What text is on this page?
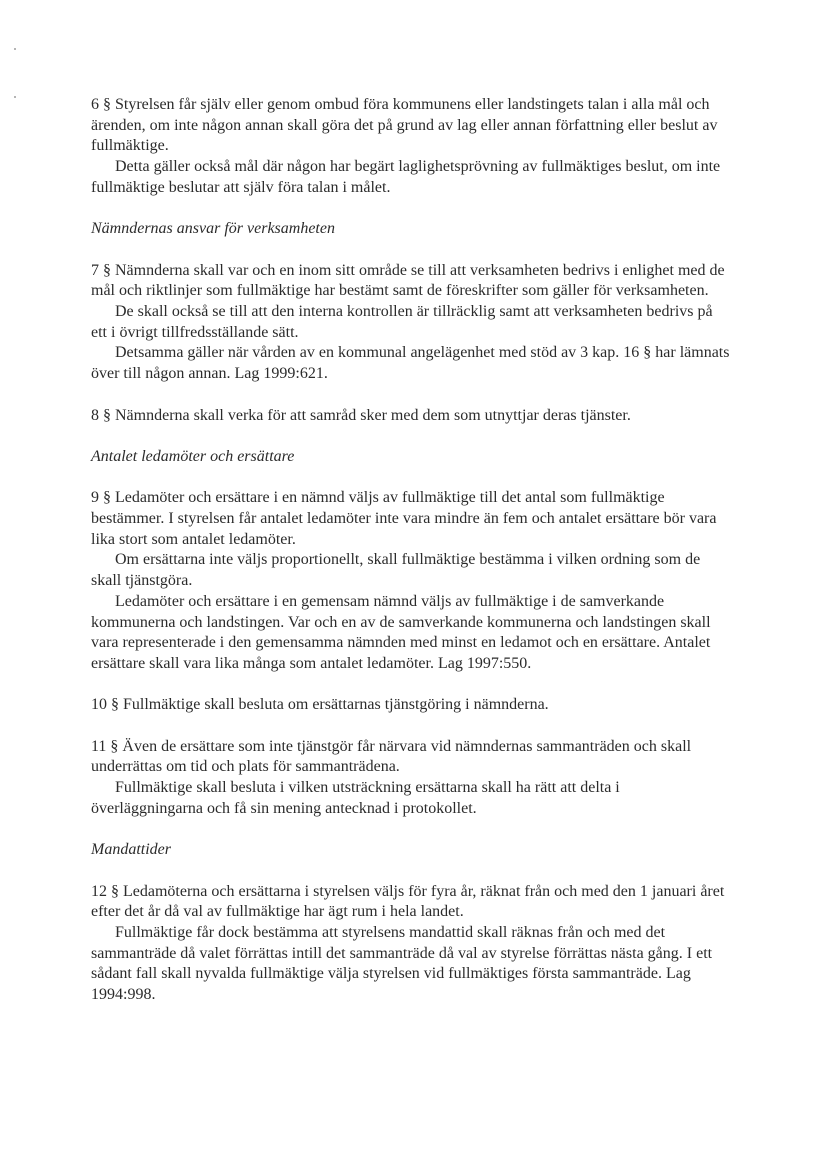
6 § Styrelsen får själv eller genom ombud föra kommunens eller landstingets talan i alla mål och ärenden, om inte någon annan skall göra det på grund av lag eller annan författning eller beslut av fullmäktige.

Detta gäller också mål där någon har begärt laglighetsprövning av fullmäktiges beslut, om inte fullmäktige beslutar att själv föra talan i målet.

Nämndernas ansvar för verksamheten

7 § Nämnderna skall var och en inom sitt område se till att verksamheten bedrivs i enlighet med de mål och riktlinjer som fullmäktige har bestämt samt de föreskrifter som gäller för verksamheten.

De skall också se till att den interna kontrollen är tillräcklig samt att verksamheten bedrivs på ett i övrigt tillfredsställande sätt.

Detsamma gäller när vården av en kommunal angelägenhet med stöd av 3 kap. 16 § har lämnats över till någon annan. Lag 1999:621.

8 § Nämnderna skall verka för att samråd sker med dem som utnyttjar deras tjänster.

Antalet ledamöter och ersättare

9 § Ledamöter och ersättare i en nämnd väljs av fullmäktige till det antal som fullmäktige bestämmer. I styrelsen får antalet ledamöter inte vara mindre än fem och antalet ersättare bör vara lika stort som antalet ledamöter.

Om ersättarna inte väljs proportionellt, skall fullmäktige bestämma i vilken ordning som de skall tjänstgöra.

Ledamöter och ersättare i en gemensam nämnd väljs av fullmäktige i de samverkande kommunerna och landstingen. Var och en av de samverkande kommunerna och landstingen skall vara representerade i den gemensamma nämnden med minst en ledamot och en ersättare. Antalet ersättare skall vara lika många som antalet ledamöter. Lag 1997:550.

10 § Fullmäktige skall besluta om ersättarnas tjänstgöring i nämnderna.

11 § Även de ersättare som inte tjänstgör får närvara vid nämndernas sammanträden och skall underrättas om tid och plats för sammanträdena.

Fullmäktige skall besluta i vilken utsträckning ersättarna skall ha rätt att delta i överläggningarna och få sin mening antecknad i protokollet.

Mandattider

12 § Ledamöterna och ersättarna i styrelsen väljs för fyra år, räknat från och med den 1 januari året efter det år då val av fullmäktige har ägt rum i hela landet.

Fullmäktige får dock bestämma att styrelsens mandattid skall räknas från och med det sammanträde då valet förrättas intill det sammanträde då val av styrelse förrättas nästa gång. I ett sådant fall skall nyvalda fullmäktige välja styrelsen vid fullmäktiges första sammanträde. Lag 1994:998.
